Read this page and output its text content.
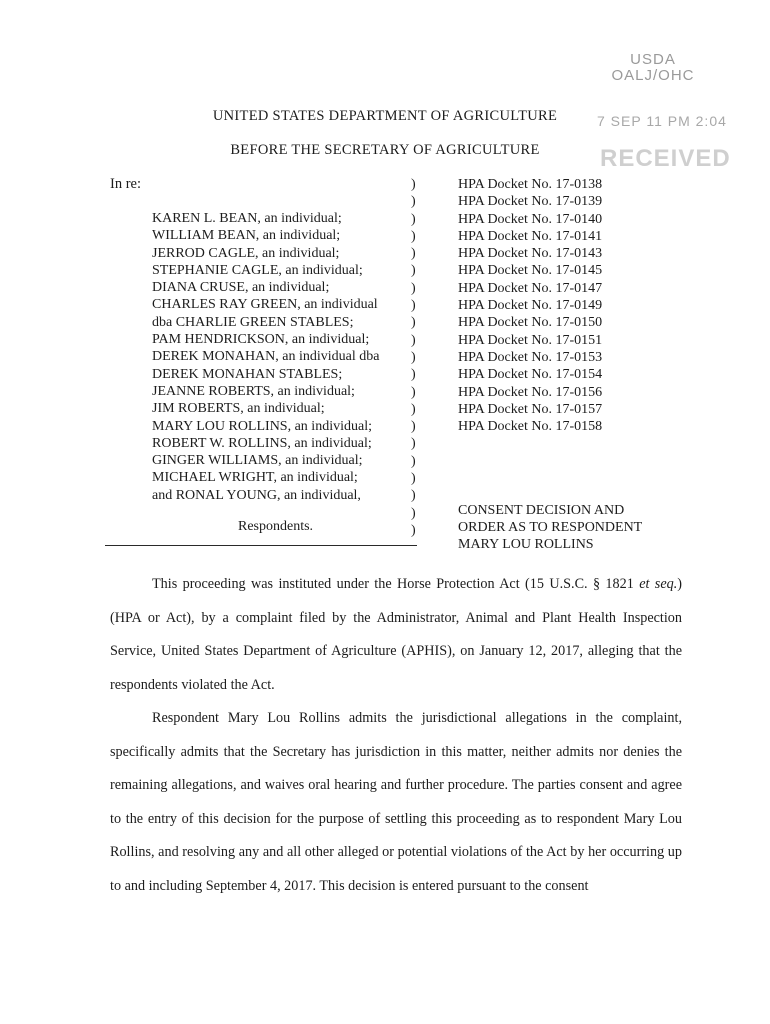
USDA
OALJ/OHC
7 SEP 11 PM 2:04
RECEIVED
UNITED STATES DEPARTMENT OF AGRICULTURE
BEFORE THE SECRETARY OF AGRICULTURE
In re:
KAREN L. BEAN, an individual;
WILLIAM BEAN, an individual;
JERROD CAGLE, an individual;
STEPHANIE CAGLE, an individual;
DIANA CRUSE, an individual;
CHARLES RAY GREEN, an individual
dba CHARLIE GREEN STABLES;
PAM HENDRICKSON, an individual;
DEREK MONAHAN, an individual dba
DEREK MONAHAN STABLES;
JEANNE ROBERTS, an individual;
JIM ROBERTS, an individual;
MARY LOU ROLLINS, an individual;
ROBERT W. ROLLINS, an individual;
GINGER WILLIAMS, an individual;
MICHAEL WRIGHT, an individual;
and RONAL YOUNG, an individual,
)
)
)
)
)
)
)
)
)
)
)
)
)
)
)
)
)
)
)
)
)
HPA Docket No. 17-0138
HPA Docket No. 17-0139
HPA Docket No. 17-0140
HPA Docket No. 17-0141
HPA Docket No. 17-0143
HPA Docket No. 17-0145
HPA Docket No. 17-0147
HPA Docket No. 17-0149
HPA Docket No. 17-0150
HPA Docket No. 17-0151
HPA Docket No. 17-0153
HPA Docket No. 17-0154
HPA Docket No. 17-0156
HPA Docket No. 17-0157
HPA Docket No. 17-0158
Respondents.
CONSENT DECISION AND
ORDER AS TO RESPONDENT
MARY LOU ROLLINS

This proceeding was instituted under the Horse Protection Act (15 U.S.C. § 1821 et seq.)(HPA or Act), by a complaint filed by the Administrator, Animal and Plant Health Inspection Service, United States Department of Agriculture (APHIS), on January 12, 2017, alleging that the respondents violated the Act.

Respondent Mary Lou Rollins admits the jurisdictional allegations in the complaint, specifically admits that the Secretary has jurisdiction in this matter, neither admits nor denies the remaining allegations, and waives oral hearing and further procedure. The parties consent and agree to the entry of this decision for the purpose of settling this proceeding as to respondent Mary Lou Rollins, and resolving any and all other alleged or potential violations of the Act by her occurring up to and including September 4, 2017. This decision is entered pursuant to the consent
